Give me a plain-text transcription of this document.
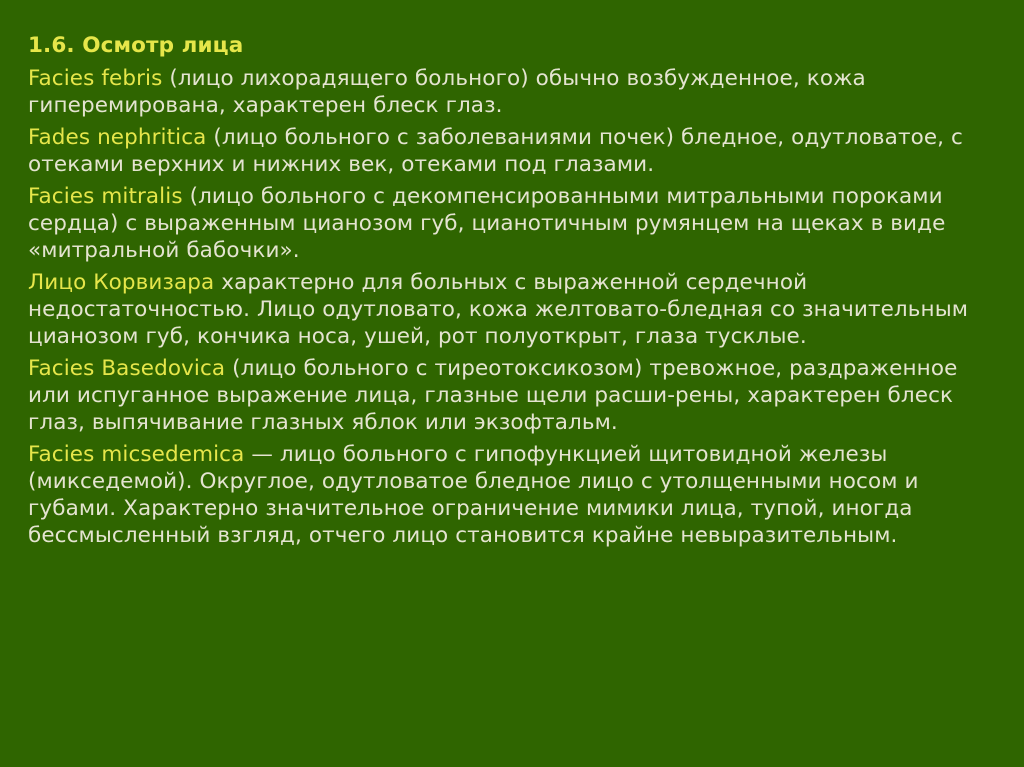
1.6. Осмотр лица

Facies febris (лицо лихорадящего больного) обычно возбужденное, кожа гиперемирована, характерен блеск глаз.

Fades nephritica (лицо больного с заболеваниями почек) бледное, одутловатое, с отеками верхних и нижних век, отеками под глазами.

Facies mitralis (лицо больного с декомпенсированными митральными пороками сердца) с выраженным цианозом губ, цианотичным румянцем на щеках в виде «митральной бабочки».

Лицо Корвизара характерно для больных с выраженной сердечной недостаточностью. Лицо одутловато, кожа желтовато-бледная со значительным цианозом губ, кончика носа, ушей, рот полуоткрыт, глаза тусклые.

Facies Basedovica (лицо больного с тиреотоксикозом) тревожное, раздраженное или испуганное выражение лица, глазные щели расши-рены, характерен блеск глаз, выпячивание глазных яблок или экзофтальм.

Facies micsedemica — лицо больного с гипофункцией щитовидной железы (микседемой). Округлое, одутловатое бледное лицо с утолщенными носом и губами. Характерно значительное ограничение мимики лица, тупой, иногда бессмысленный взгляд, отчего лицо становится крайне невыразительным.
